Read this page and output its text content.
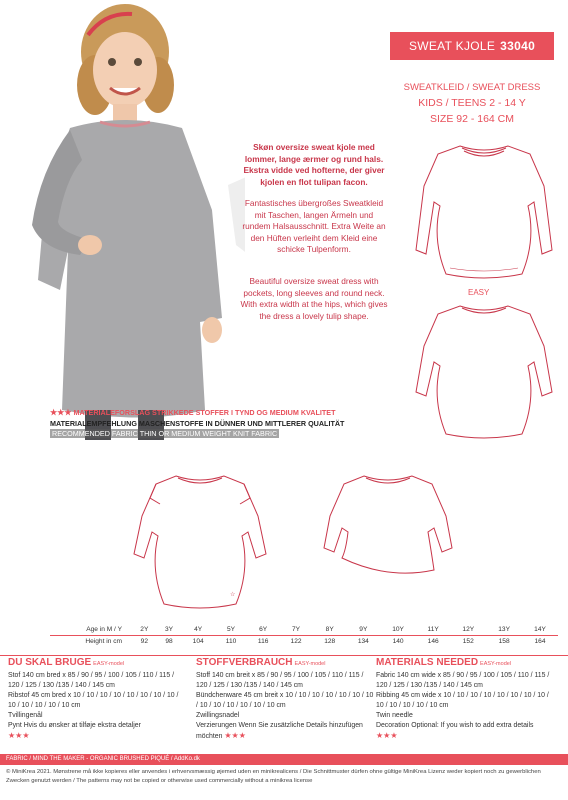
SWEAT KJOLE 33040
SWEATKLEID / SWEAT DRESS
KIDS / TEENS 2 - 14 Y
SIZE 92 - 164 CM
Skøn oversize sweat kjole med lommer, lange ærmer og rund hals. Ekstra vidde ved hofterne, der giver kjolen en flot tulipan facon.
Fantastisches übergroßes Sweatkleid mit Taschen, langen Ärmeln und rundem Halsausschnitt. Extra Weite an den Hüften verleiht dem Kleid eine schicke Tulpenform.
Beautiful oversize sweat dress with pockets, long sleeves and round neck. With extra width at the hips, which gives the dress a lovely tulip shape.
EASY
☆
★★★ MATERIALEFORSLAG STRIKKEDE STOFFER I TYND OG MEDIUM KVALITET
MATERIALEMPFEHLUNG MASCHENSTOFFE IN DÜNNER UND MITTLERER QUALITÄT
RECOMMENDED FABRIC THIN OR MEDIUM WEIGHT KNIT FABRIC
Age in M / Y	2Y	3Y	4Y	5Y	6Y	7Y	8Y	9Y	10Y	11Y	12Y	13Y	14Y
Height in cm	92	98	104	110	116	122	128	134	140	146	152	158	164
DU SKAL BRUGE EASY-model
Stof 140 cm bred x 85 / 90 / 95 / 100 / 105 / 110 / 115 / 120 / 125 / 130 /135 / 140 / 145 cm
Ribstof 45 cm bred x 10 / 10 / 10 / 10 / 10 / 10 / 10 / 10 / 10 / 10 / 10 / 10 / 10 cm
Tvillingenål
Pynt Hvis du ønsker at tilføje ekstra detaljer
★★★
STOFFVERBRAUCH EASY-model
Stoff 140 cm breit x 85 / 90 / 95 / 100 / 105 / 110 / 115 / 120 / 125 / 130 /135 / 140 / 145 cm
Bündchenware 45 cm breit x 10 / 10 / 10 / 10 / 10 / 10 / 10 / 10 / 10 / 10 / 10 / 10 / 10 cm
Zwillingsnadel
Verzierungen Wenn Sie zusätzliche Details hinzufügen möchten ★★★
MATERIALS NEEDED EASY-model
Fabric 140 cm wide x 85 / 90 / 95 / 100 / 105 / 110 / 115 / 120 / 125 / 130 /135 / 140 / 145 cm
Ribbing 45 cm wide x 10 / 10 / 10 / 10 / 10 / 10 / 10 / 10 / 10 / 10 / 10 / 10 / 10 cm
Twin needle
Decoration Optional: If you wish to add extra details ★★★
FABRIC / MIND THE MAKER - ORGANIC BRUSHED PIQUÉ / AddKo.dk
© MiniKrea 2021. Mønstrene må ikke kopieres eller anvendes i erhvervsmæssig øjemed uden en minikrealicens / Die Schnittmuster dürfen ohne gültige MiniKrea Lizenz weder kopiert noch zu gewerblichen Zwecken genutzt werden / The patterns may not be copied or otherwise used commercially without a minikrea license
